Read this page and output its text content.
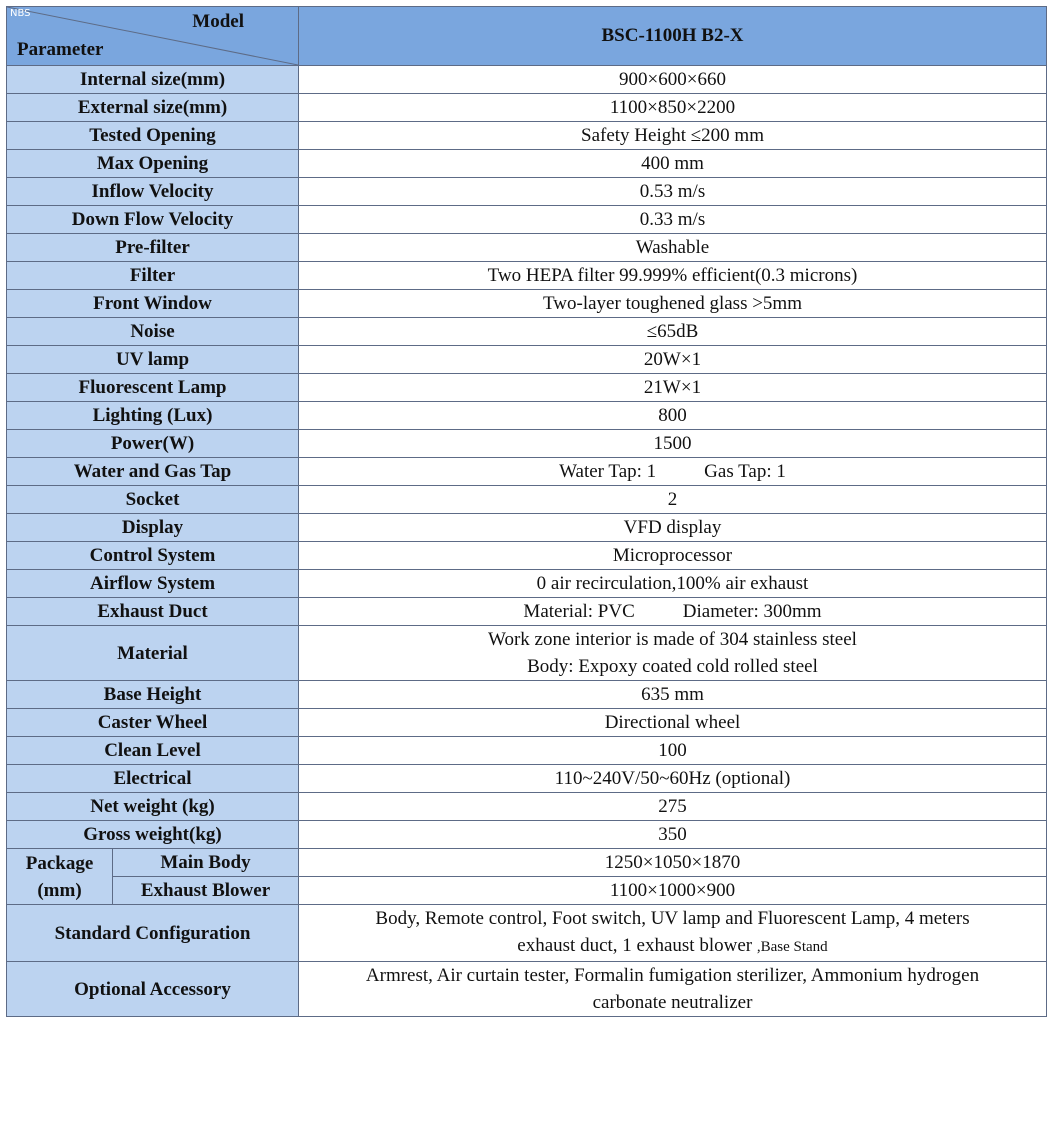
NBS Model
Parameter		BSC-1100H B2-X
Internal size(mm)		900×600×660
External size(mm)		1100×850×2200
Tested Opening		Safety Height ≤200 mm
Max Opening		400 mm
Inflow Velocity		0.53 m/s
Down Flow Velocity		0.33 m/s
Pre-filter		Washable
Filter		Two HEPA filter 99.999% efficient(0.3 microns)
Front Window		Two-layer toughened glass >5mm
Noise		≤65dB
UV lamp		20W×1
Fluorescent Lamp		21W×1
Lighting (Lux)		800
Power(W)		1500
Water and Gas Tap		Water Tap: 1 Gas Tap: 1
Socket		2
Display		VFD display
Control System		Microprocessor
Airflow System		0 air recirculation,100% air exhaust
Exhaust Duct		Material: PVC Diameter: 300mm
Material		Work zone interior is made of 304 stainless steel
Body: Expoxy coated cold rolled steel

Base Height		635 mm
Caster Wheel		Directional wheel
Clean Level		100
Electrical		110~240V/50~60Hz (optional)
Net weight (kg)		275
Gross weight(kg)		350

Package
(mm)	Main Body	1250×1050×1870
	Exhaust Blower	1100×1000×900
Standard Configuration		Body, Remote control, Foot switch, UV lamp and Fluorescent Lamp, 4 meters
exhaust duct, 1 exhaust blower ,Base Stand

Optional Accessory		Armrest, Air curtain tester, Formalin fumigation sterilizer, Ammonium hydrogen
carbonate neutralizer
